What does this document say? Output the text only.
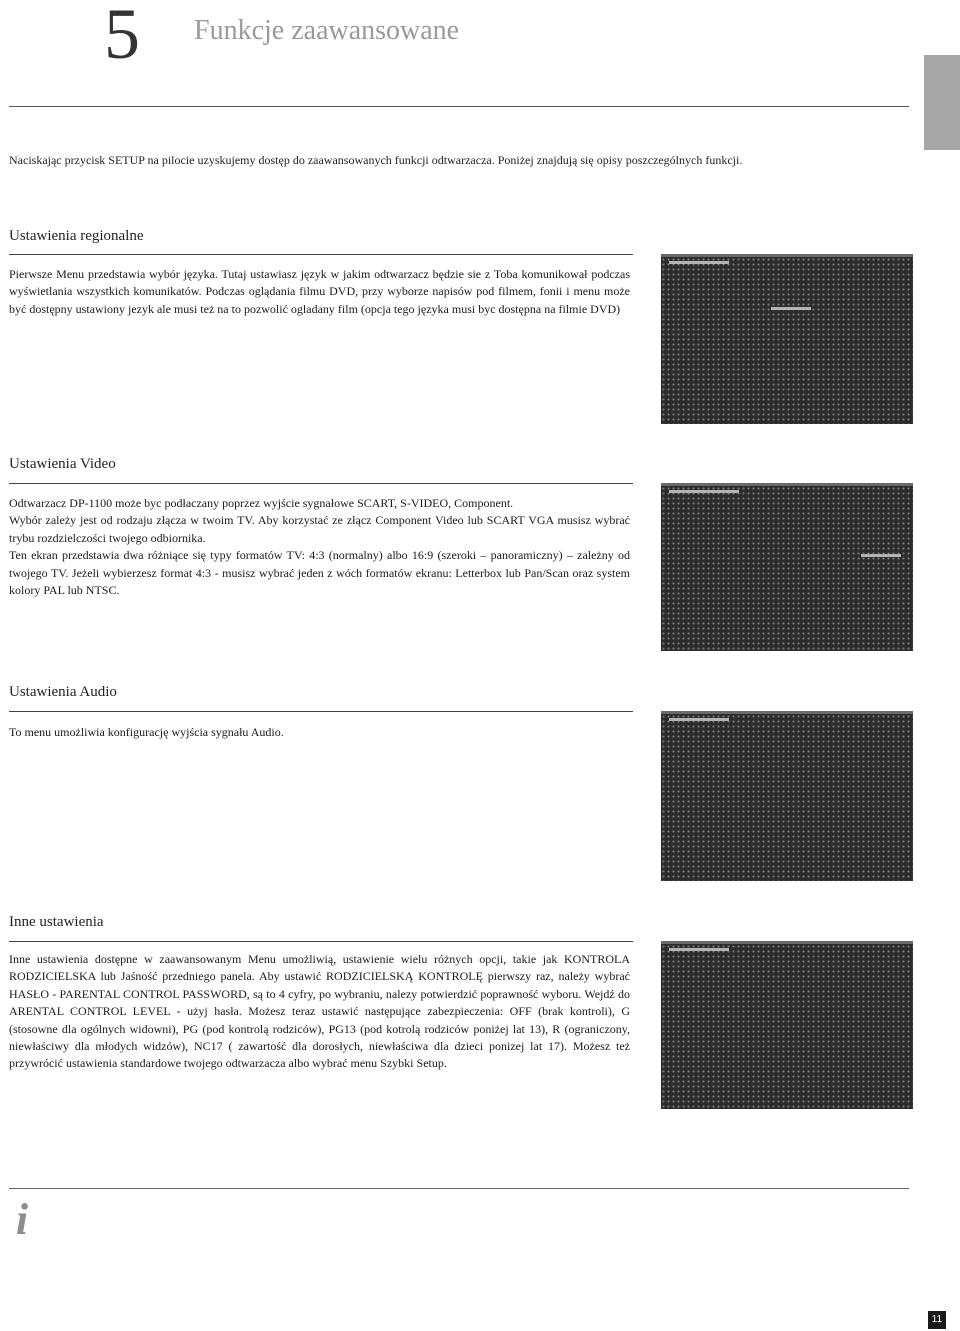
5 Funkcje zaawansowane
Naciskając przycisk SETUP na pilocie uzyskujemy dostęp do zaawansowanych funkcji odtwarzacza. Poniżej znajdują się opisy poszczególnych funkcji.
Ustawienia regionalne

Pierwsze Menu przedstawia wybór języka. Tutaj ustawiasz język w jakim odtwarzacz będzie sie z Toba komunikował podczas wyświetlania wszystkich komunikatów. Podczas oglądania filmu DVD, przy wyborze napisów pod filmem, fonii i menu może być dostępny ustawiony jezyk ale musi też na to pozwolić ogladany film (opcja tego języka musi byc dostępna na filmie DVD)

Ustawienia Video

Odtwarzacz DP-1100 może byc podłaczany poprzez wyjście sygnałowe SCART, S-VIDEO, Component.

Wybór zależy jest od rodzaju złącza w twoim TV. Aby korzystać ze złącz Component Video lub SCART VGA musisz wybrać trybu rozdzielczości twojego odbiornika.

Ten ekran przedstawia dwa różniące się typy formatów TV: 4:3 (normalny) albo 16:9 (szeroki – panoramiczny) – zależny od twojego TV. Jeżeli wybierzesz format 4:3 - musisz wybrać jeden z wóch formatów ekranu: Letterbox lub Pan/Scan oraz system kolory PAL lub NTSC.

Ustawienia Audio

To menu umożliwia konfigurację wyjścia sygnału Audio.

Inne ustawienia

Inne ustawienia dostępne w zaawansowanym Menu umożliwią, ustawienie wielu różnych opcji, takie jak KONTROLA RODZICIELSKA lub Jaśność przedniego panela. Aby ustawić RODZICIELSKĄ KONTROLĘ pierwszy raz, należy wybrać HASŁO - PARENTAL CONTROL PASSWORD, są to 4 cyfry, po wybraniu, nalezy potwierdzić poprawność wyboru. Wejdź do ARENTAL CONTROL LEVEL - użyj hasła. Możesz teraz ustawić następujące zabezpieczenia: OFF (brak kontroli), G (stosowne dla ogólnych widowni), PG (pod kontrolą rodziców), PG13 (pod kotrolą rodziców poniżej lat 13), R (ograniczony, niewłaściwy dla młodych widzów), NC17 ( zawartość dla dorosłych, niewłaściwa dla dzieci ponizej lat 17). Możesz też przywrócić ustawienia standardowe twojego odtwarzacza albo wybrać menu Szybki Setup.

i
11
